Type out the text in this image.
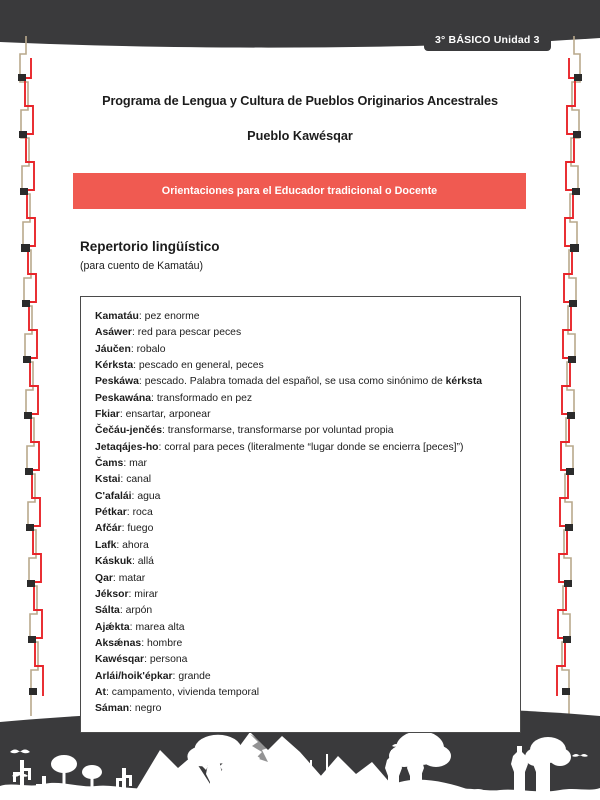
3° BÁSICO Unidad 3
Programa de Lengua y Cultura de Pueblos Originarios Ancestrales
Pueblo Kawésqar
Orientaciones para el Educador tradicional o Docente
Repertorio lingüístico
(para cuento de Kamatáu)
Kamatáu: pez enorme
Asáwer: red para pescar peces
Jáučen: robalo
Kérksta: pescado en general, peces
Peskáwa: pescado. Palabra tomada del español, se usa como sinónimo de kérksta
Peskawána: transformado en pez
Fkiar: ensartar, arponear
Čečáu-jenčés: transformarse, transformarse por voluntad propia
Jetaqájes-ho: corral para peces (literalmente “lugar donde se encierra [peces]”)
Čams: mar
Kstai: canal
C'afalái: agua
Pétkar: roca
Afčár: fuego
Lafk: ahora
Káskuk: allá
Qar: matar
Jéksor: mirar
Sálta: arpón
Ajǽkta: marea alta
Aksǽnas: hombre
Kawésqar: persona
Arlái/hoik'épkar: grande
At: campamento, vivienda temporal
Sáman: negro
